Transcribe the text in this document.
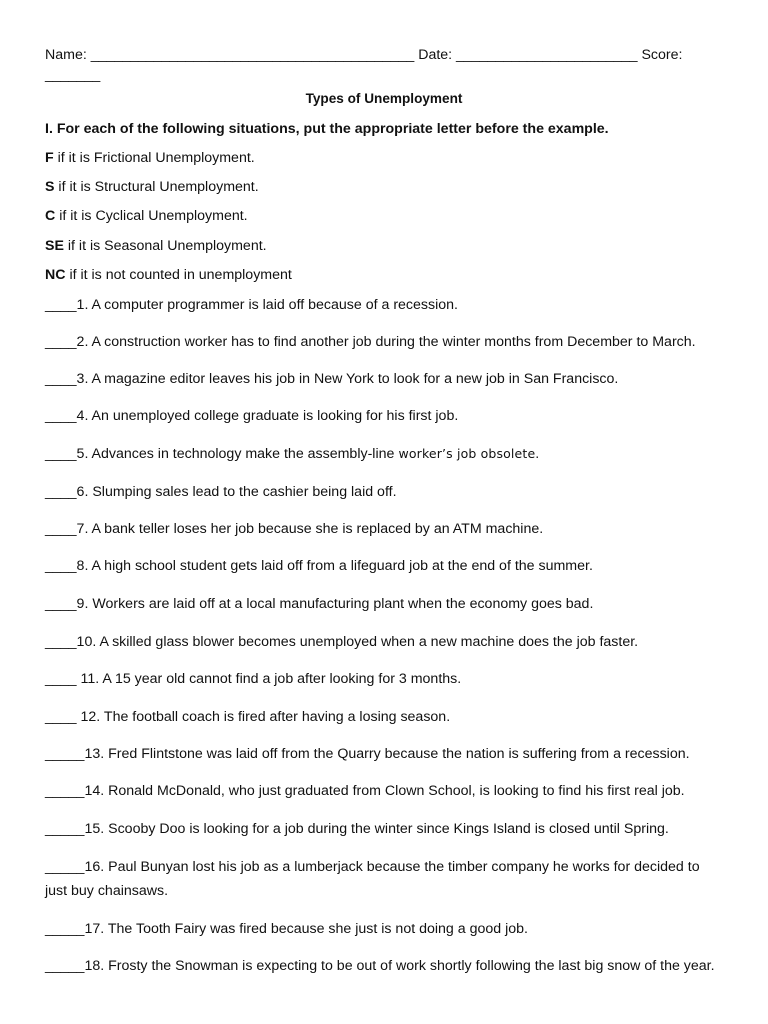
Name: _________________________________________ Date: _______________________ Score:
_______
Types of Unemployment
I. For each of the following situations, put the appropriate letter before the example.
F if it is Frictional Unemployment.
S if it is Structural Unemployment.
C if it is Cyclical Unemployment.
SE if it is Seasonal Unemployment.
NC if it is not counted in unemployment
____1. A computer programmer is laid off because of a recession.
____2. A construction worker has to find another job during the winter months from December to March.
____3. A magazine editor leaves his job in New York to look for a new job in San Francisco.
____4. An unemployed college graduate is looking for his first job.
____5. Advances in technology make the assembly-line worker’s job obsolete.
____6. Slumping sales lead to the cashier being laid off.
____7. A bank teller loses her job because she is replaced by an ATM machine.
____8. A high school student gets laid off from a lifeguard job at the end of the summer.
____9. Workers are laid off at a local manufacturing plant when the economy goes bad.
____10. A skilled glass blower becomes unemployed when a new machine does the job faster.
____ 11. A 15 year old cannot find a job after looking for 3 months.
____ 12. The football coach is fired after having a losing season.
_____13. Fred Flintstone was laid off from the Quarry because the nation is suffering from a recession.
_____14. Ronald McDonald, who just graduated from Clown School, is looking to find his first real job.
_____15. Scooby Doo is looking for a job during the winter since Kings Island is closed until Spring.
_____16. Paul Bunyan lost his job as a lumberjack because the timber company he works for decided to just buy chainsaws.
_____17. The Tooth Fairy was fired because she just is not doing a good job.
_____18. Frosty the Snowman is expecting to be out of work shortly following the last big snow of the year.
